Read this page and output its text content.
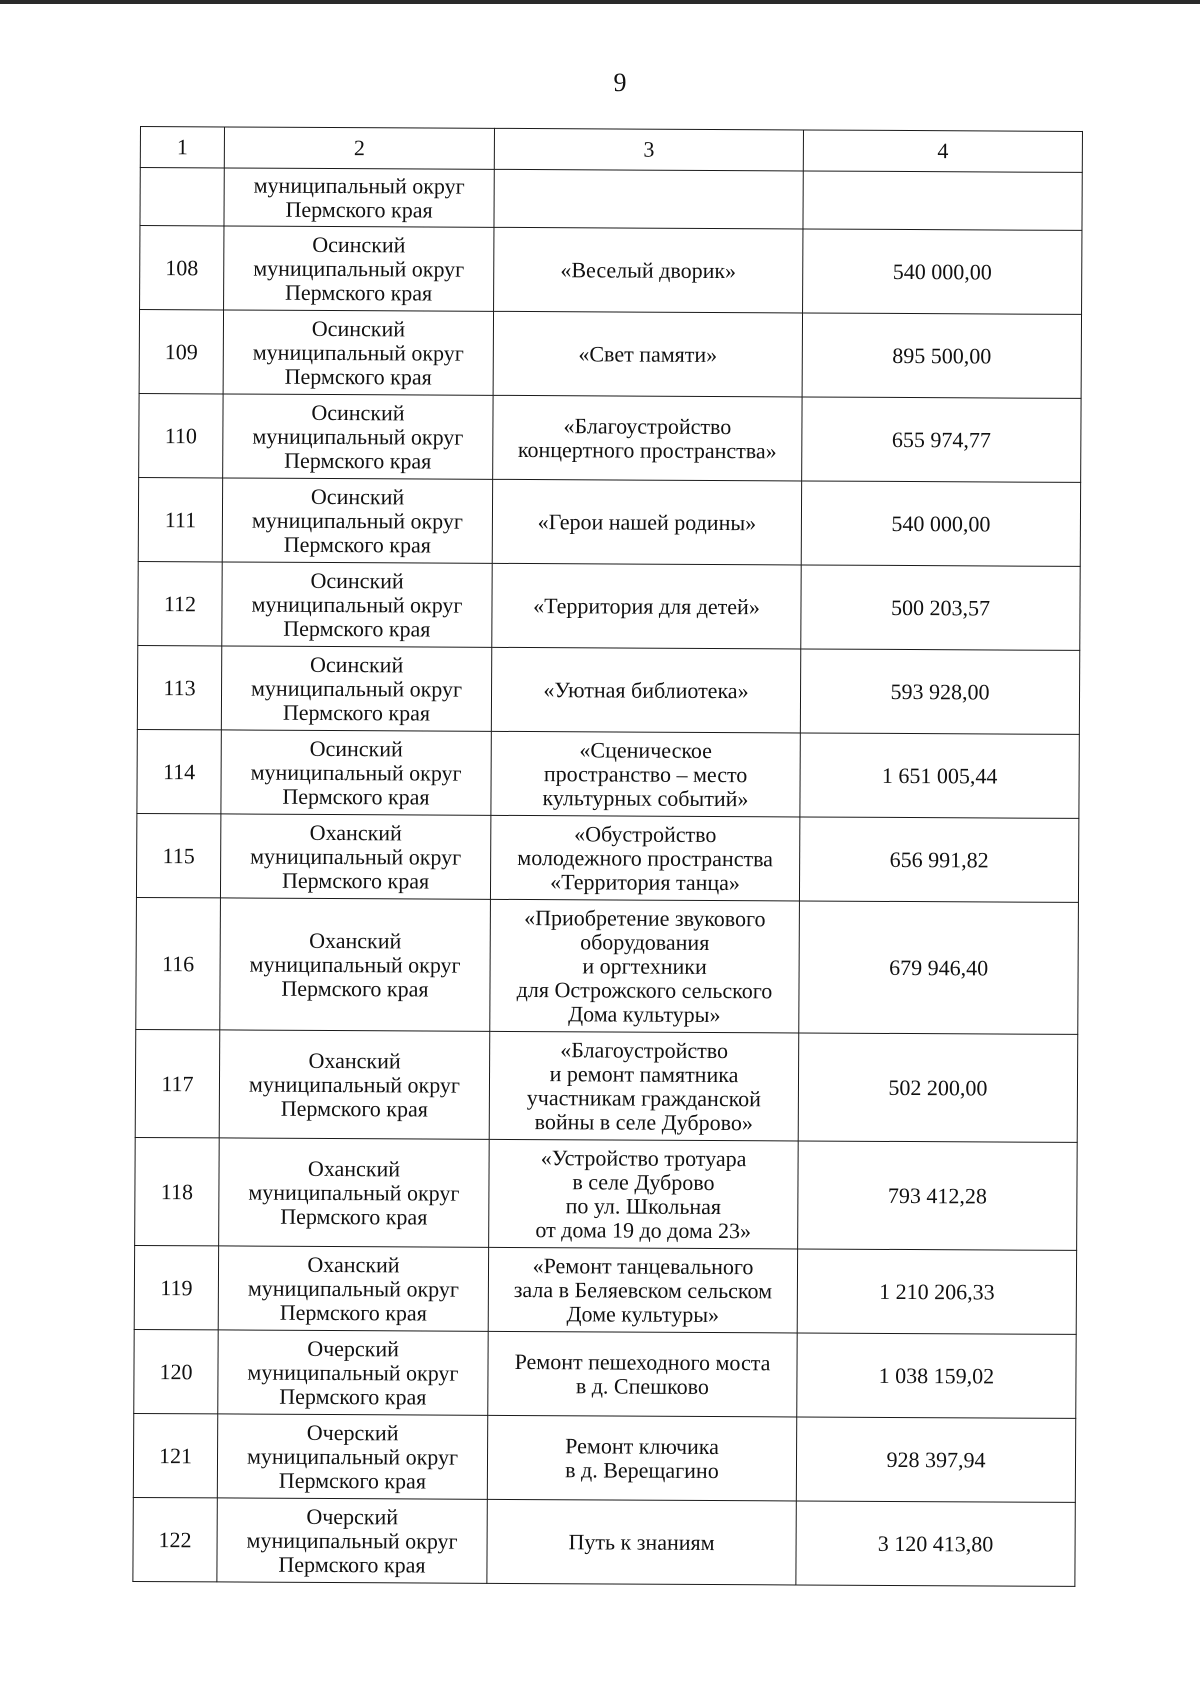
9
1	2	3	4
	муниципальный округ
Пермского края		
108	Осинский
муниципальный округ
Пермского края	«Веселый дворик»	540 000,00
109	Осинский
муниципальный округ
Пермского края	«Свет памяти»	895 500,00
110	Осинский
муниципальный округ
Пермского края	«Благоустройство
концертного пространства»	655 974,77
111	Осинский
муниципальный округ
Пермского края	«Герои нашей родины»	540 000,00
112	Осинский
муниципальный округ
Пермского края	«Территория для детей»	500 203,57
113	Осинский
муниципальный округ
Пермского края	«Уютная библиотека»	593 928,00
114	Осинский
муниципальный округ
Пермского края	«Сценическое
пространство – место
культурных событий»	1 651 005,44
115	Оханский
муниципальный округ
Пермского края	«Обустройство
молодежного пространства
«Территория танца»	656 991,82
116	Оханский
муниципальный округ
Пермского края	«Приобретение звукового
оборудования
и оргтехники
для Острожского сельского
Дома культуры»	679 946,40
117	Оханский
муниципальный округ
Пермского края	«Благоустройство
и ремонт памятника
участникам гражданской
войны в селе Дуброво»	502 200,00
118	Оханский
муниципальный округ
Пермского края	«Устройство тротуара
в селе Дуброво
по ул. Школьная
от дома 19 до дома 23»	793 412,28
119	Оханский
муниципальный округ
Пермского края	«Ремонт танцевального
зала в Беляевском сельском
Доме культуры»	1 210 206,33
120	Очерский
муниципальный округ
Пермского края	Ремонт пешеходного моста
в д. Спешково	1 038 159,02
121	Очерский
муниципальный округ
Пермского края	Ремонт ключика
в д. Верещагино	928 397,94
122	Очерский
муниципальный округ
Пермского края	Путь к знаниям	3 120 413,80
